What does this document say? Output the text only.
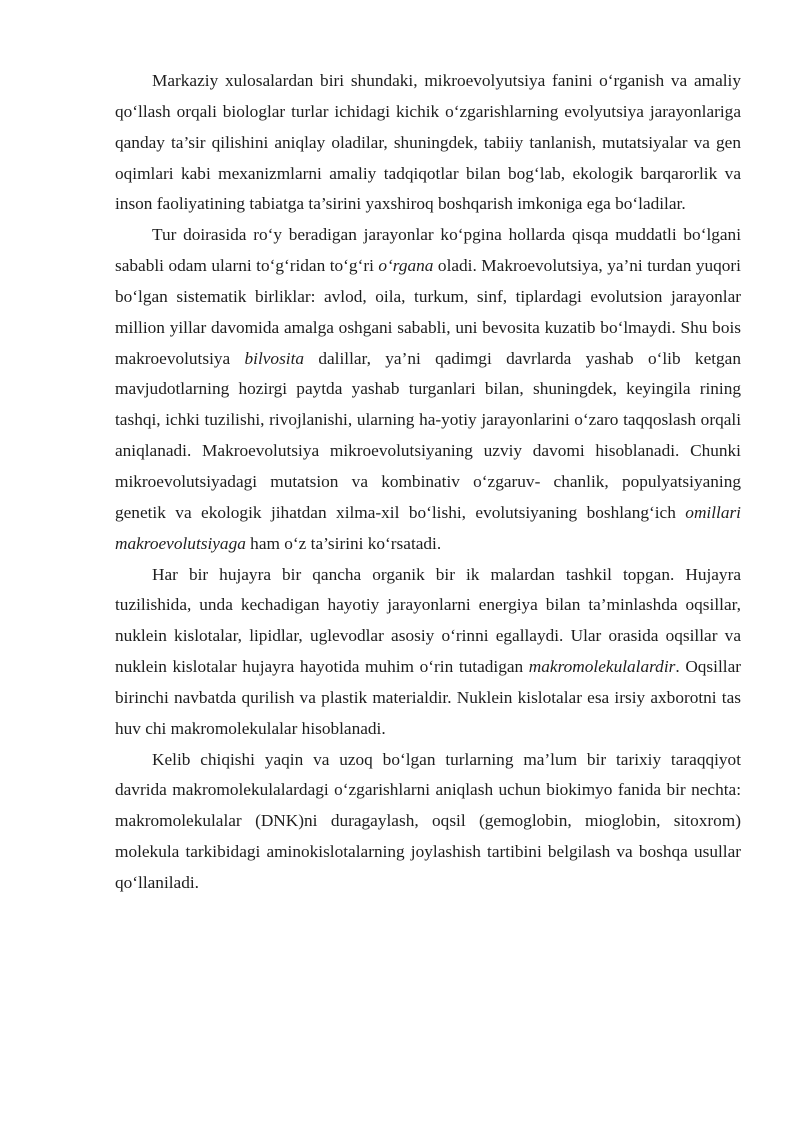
Markaziy xulosalardan biri shundaki, mikroevolyutsiya fanini o‘rganish va amaliy qo‘llash orqali biologlar turlar ichidagi kichik o‘zgarishlarning evolyutsiya jarayonlariga qanday ta’sir qilishini aniqlay oladilar, shuningdek, tabiiy tanlanish, mutatsiyalar va gen oqimlari kabi mexanizmlarni amaliy tadqiqotlar bilan bog‘lab, ekologik barqarorlik va inson faoliyatining tabiatga ta’sirini yaxshiroq boshqarish imkoniga ega bo‘ladilar.

Tur doirasida ro‘y beradigan jarayonlar ko‘pgina hollarda qisqa muddatli bo‘lgani sababli odam ularni to‘g‘ridan to‘g‘ri o‘rgana oladi. Makroevolutsiya, ya’ni turdan yuqori bo‘lgan sistematik birliklar: avlod, oila, turkum, sinf, tiplardagi evolutsion jarayonlar million yillar davomida amalga oshgani sababli, uni bevosita kuzatib bo‘lmaydi. Shu bois makroevolutsiya bilvosita dalillar, ya’ni qadimgi davrlarda yashab o‘lib ketgan mavjudotlarning hozirgi paytda yashab turganlari bilan, shuningdek, keyingila rining tashqi, ichki tuzilishi, rivojlanishi, ularning ha-yotiy jarayonlarini o‘zaro taqqoslash orqali aniqlanadi. Makroevolutsiya mikroevolutsiyaning uzviy davomi hisoblanadi. Chunki mikroevolutsiyadagi mutatsion va kombinativ o‘zgaruv- chanlik, populyatsiyaning genetik va ekologik jihatdan xilma-xil bo‘lishi, evolutsiyaning boshlang‘ich omillari makroevolutsiyaga ham o‘z ta’sirini ko‘rsatadi.

Har bir hujayra bir qancha organik bir ik malardan tashkil topgan. Hujayra tuzilishida, unda kechadigan hayotiy jarayonlarni energiya bilan ta’minlashda oqsillar, nuklein kislotalar, lipidlar, uglevodlar asosiy o‘rinni egallaydi. Ular orasida oqsillar va nuklein kislotalar hujayra hayotida muhim o‘rin tutadigan makromolekulalardir. Oqsillar birinchi navbatda qurilish va plastik materialdir. Nuklein kislotalar esa irsiy axborotni tas huv chi makromolekulalar hisoblanadi.

Kelib chiqishi yaqin va uzoq bo‘lgan turlarning ma’lum bir tarixiy taraqqiyot davrida makromolekulalardagi o‘zgarishlarni aniqlash uchun biokimyo fanida bir nechta: makromolekulalar (DNK)ni duragaylash, oqsil (gemoglobin, mioglobin, sitoxrom) molekula tarkibidagi aminokislotalarning joylashish tartibini belgilash va boshqa usullar qo‘llaniladi.
